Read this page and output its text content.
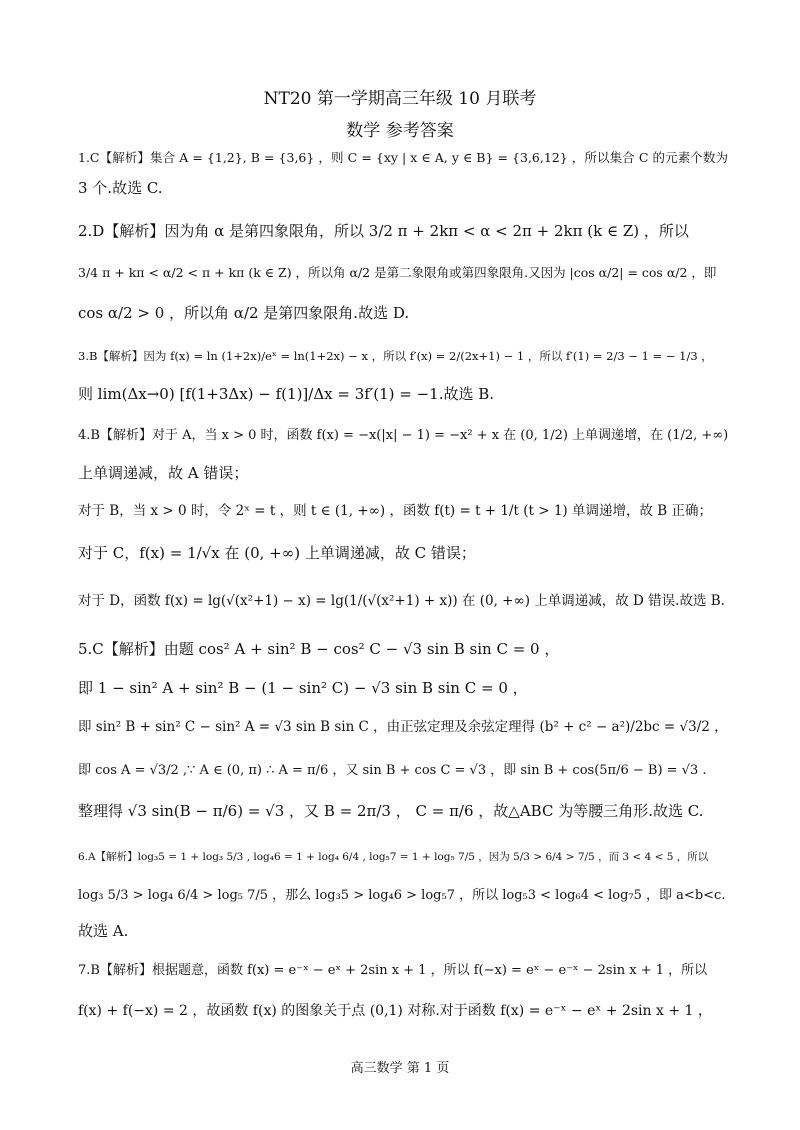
NT20 第一学期高三年级 10 月联考
数学 参考答案
1.C【解析】集合 A = {1,2}, B = {3,6} ，则 C = {xy | x ∈ A, y ∈ B} = {3,6,12} ，所以集合 C 的元素个数为
3 个.故选 C.
2.D【解析】因为角 α 是第四象限角，所以 3/2 π + 2kπ < α < 2π + 2kπ (k ∈ Z) ，所以
3/4 π + kπ < α/2 < π + kπ (k ∈ Z) ，所以角 α/2 是第二象限角或第四象限角.又因为 |cos α/2| = cos α/2 ，即
cos α/2 > 0 ，所以角 α/2 是第四象限角.故选 D.
3.B【解析】因为 f(x) = ln (1+2x)/eˣ = ln(1+2x) − x ，所以 f′(x) = 2/(2x+1) − 1 ，所以 f′(1) = 2/3 − 1 = − 1/3 ，
则 lim(Δx→0) [f(1+3Δx) − f(1)]/Δx = 3f′(1) = −1.故选 B.
4.B【解析】对于 A，当 x > 0 时，函数 f(x) = −x(|x| − 1) = −x² + x 在 (0, 1/2) 上单调递增，在 (1/2, +∞)
上单调递减，故 A 错误；
对于 B，当 x > 0 时，令 2ˣ = t ，则 t ∈ (1, +∞) ，函数 f(t) = t + 1/t (t > 1) 单调递增，故 B 正确；
对于 C，f(x) = 1/√x 在 (0, +∞) 上单调递减，故 C 错误；
对于 D，函数 f(x) = lg(√(x²+1) − x) = lg(1/(√(x²+1) + x)) 在 (0, +∞) 上单调递减，故 D 错误.故选 B.
5.C【解析】由题 cos² A + sin² B − cos² C − √3 sin B sin C = 0 ，
即 1 − sin² A + sin² B − (1 − sin² C) − √3 sin B sin C = 0 ，
即 sin² B + sin² C − sin² A = √3 sin B sin C ，由正弦定理及余弦定理得 (b² + c² − a²)/2bc = √3/2 ，
即 cos A = √3/2 ,∵ A ∈ (0, π) ∴ A = π/6 ，又 sin B + cos C = √3 ，即 sin B + cos(5π/6 − B) = √3 .
整理得 √3 sin(B − π/6) = √3 ，又 B = 2π/3 ， C = π/6 ，故△ABC 为等腰三角形.故选 C.
6.A【解析】log₃5 = 1 + log₃ 5/3 , log₄6 = 1 + log₄ 6/4 , log₅7 = 1 + log₅ 7/5 ，因为 5/3 > 6/4 > 7/5 ，而 3 < 4 < 5 ，所以
log₃ 5/3 > log₄ 6/4 > log₅ 7/5 ，那么 log₃5 > log₄6 > log₅7 ，所以 log₅3 < log₆4 < log₇5 ，即 a<b<c.
故选 A.
7.B【解析】根据题意，函数 f(x) = e⁻ˣ − eˣ + 2sin x + 1 ，所以 f(−x) = eˣ − e⁻ˣ − 2sin x + 1 ，所以
f(x) + f(−x) = 2 ，故函数 f(x) 的图象关于点 (0,1) 对称.对于函数 f(x) = e⁻ˣ − eˣ + 2sin x + 1 ，
高三数学 第 1 页
